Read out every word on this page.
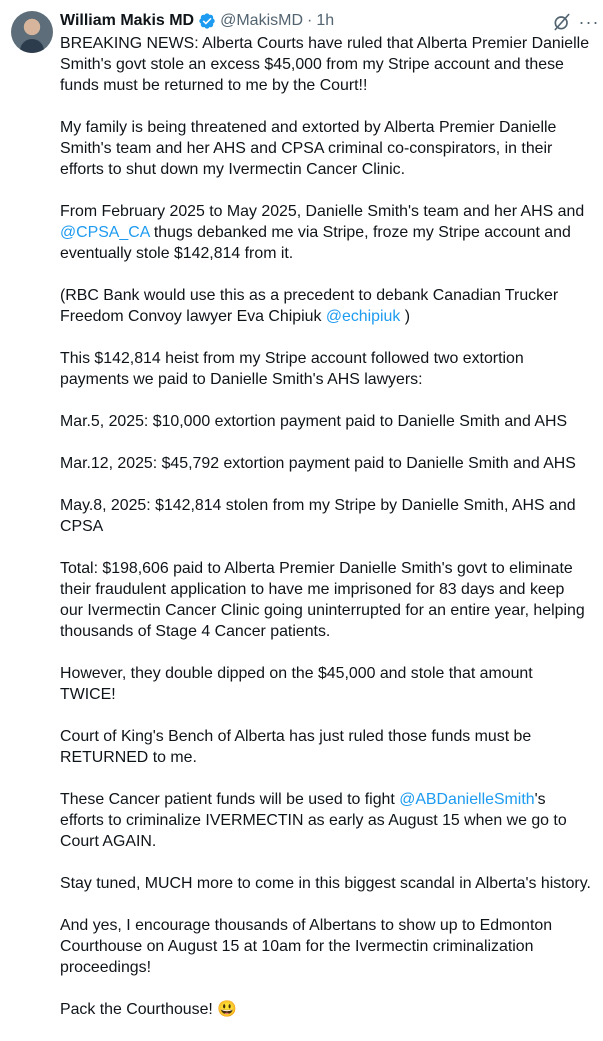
William Makis MD @MakisMD · 1h	···
BREAKING NEWS: Alberta Courts have ruled that Alberta Premier Danielle
Smith's govt stole an excess $45,000 from my Stripe account and these
funds must be returned to me by the Court!!
My family is being threatened and extorted by Alberta Premier Danielle
Smith's team and her AHS and CPSA criminal co-conspirators, in their
efforts to shut down my Ivermectin Cancer Clinic.
From February 2025 to May 2025, Danielle Smith's team and her AHS and
@CPSA_CA thugs debanked me via Stripe, froze my Stripe account and
eventually stole $142,814 from it.
(RBC Bank would use this as a precedent to debank Canadian Trucker
Freedom Convoy lawyer Eva Chipiuk @echipiuk )
This $142,814 heist from my Stripe account followed two extortion
payments we paid to Danielle Smith's AHS lawyers:
Mar.5, 2025: $10,000 extortion payment paid to Danielle Smith and AHS
Mar.12, 2025: $45,792 extortion payment paid to Danielle Smith and AHS
May.8, 2025: $142,814 stolen from my Stripe by Danielle Smith, AHS and
CPSA
Total: $198,606 paid to Alberta Premier Danielle Smith's govt to eliminate
their fraudulent application to have me imprisoned for 83 days and keep
our Ivermectin Cancer Clinic going uninterrupted for an entire year, helping
thousands of Stage 4 Cancer patients.
However, they double dipped on the $45,000 and stole that amount
TWICE!
Court of King's Bench of Alberta has just ruled those funds must be
RETURNED to me.
These Cancer patient funds will be used to fight @ABDanielleSmith's
efforts to criminalize IVERMECTIN as early as August 15 when we go to
Court AGAIN.
Stay tuned, MUCH more to come in this biggest scandal in Alberta's history.
And yes, I encourage thousands of Albertans to show up to Edmonton
Courthouse on August 15 at 10am for the Ivermectin criminalization
proceedings!
Pack the Courthouse! 😃
